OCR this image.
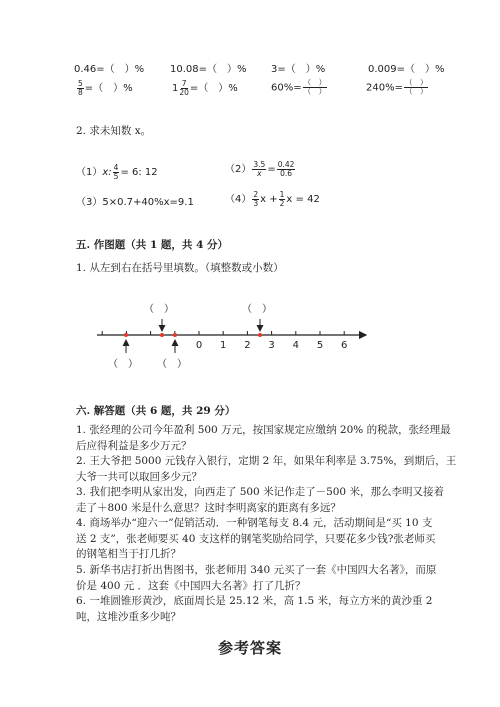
0.46=（　）%	10.08=（　）% 3=（　）%	0.009=（　）%
$\frac{5}{8}$ =（　）%	$1 \frac{7}{20}$ =（　）%	$60\%= \frac{( )}{( )}$	$240\%= \frac{( )}{( )}$
2. 求未知数 x。
（1）x: $\frac{4}{5} = 6$: 12	$(2) \frac{3.5}{x} = \frac{0.42}{0.6}$
（3）5×0.7+40%x=9.1	$(4) \frac{2}{3}$ $x + \frac{1}{2}$ x = 42
五. 作图题（共 1 题，共 4 分）
1. 从左到右在括号里填数。（填整数或小数）
0 1 2 3 4 5 6
（　）	（　）
（　） （　）
六. 解答题（共 6 题，共 29 分）
1. 张经理的公司今年盈利 500 万元，按国家规定应缴纳 20% 的税款，张经理最
后应得利益是多少万元？
2. 王大爷把 5000 元钱存入银行，定期 2 年，如果年利率是 3.75%，到期后，王
大爷一共可以取回多少元？
3. 我们把李明从家出发，向西走了 500 米记作走了－500 米，那么李明又接着
走了＋800 米是什么意思？这时李明离家的距离有多远？
4. 商场举办“迎六一”促销活动．一种钢笔每支 8.4 元，活动期间是“买 10 支
送 2 支”，张老师要买 40 支这样的钢笔奖励给同学，只要花多少钱?张老师买
的钢笔相当于打几折？
5. 新华书店打折出售图书，张老师用 340 元买了一套《中国四大名著》，而原
价是 400 元 ．这套《中国四大名著》打了几折？
6. 一堆圆锥形黄沙，底面周长是 25.12 米，高 1.5 米，每立方米的黄沙重 2
吨，这堆沙重多少吨？
参考答案
